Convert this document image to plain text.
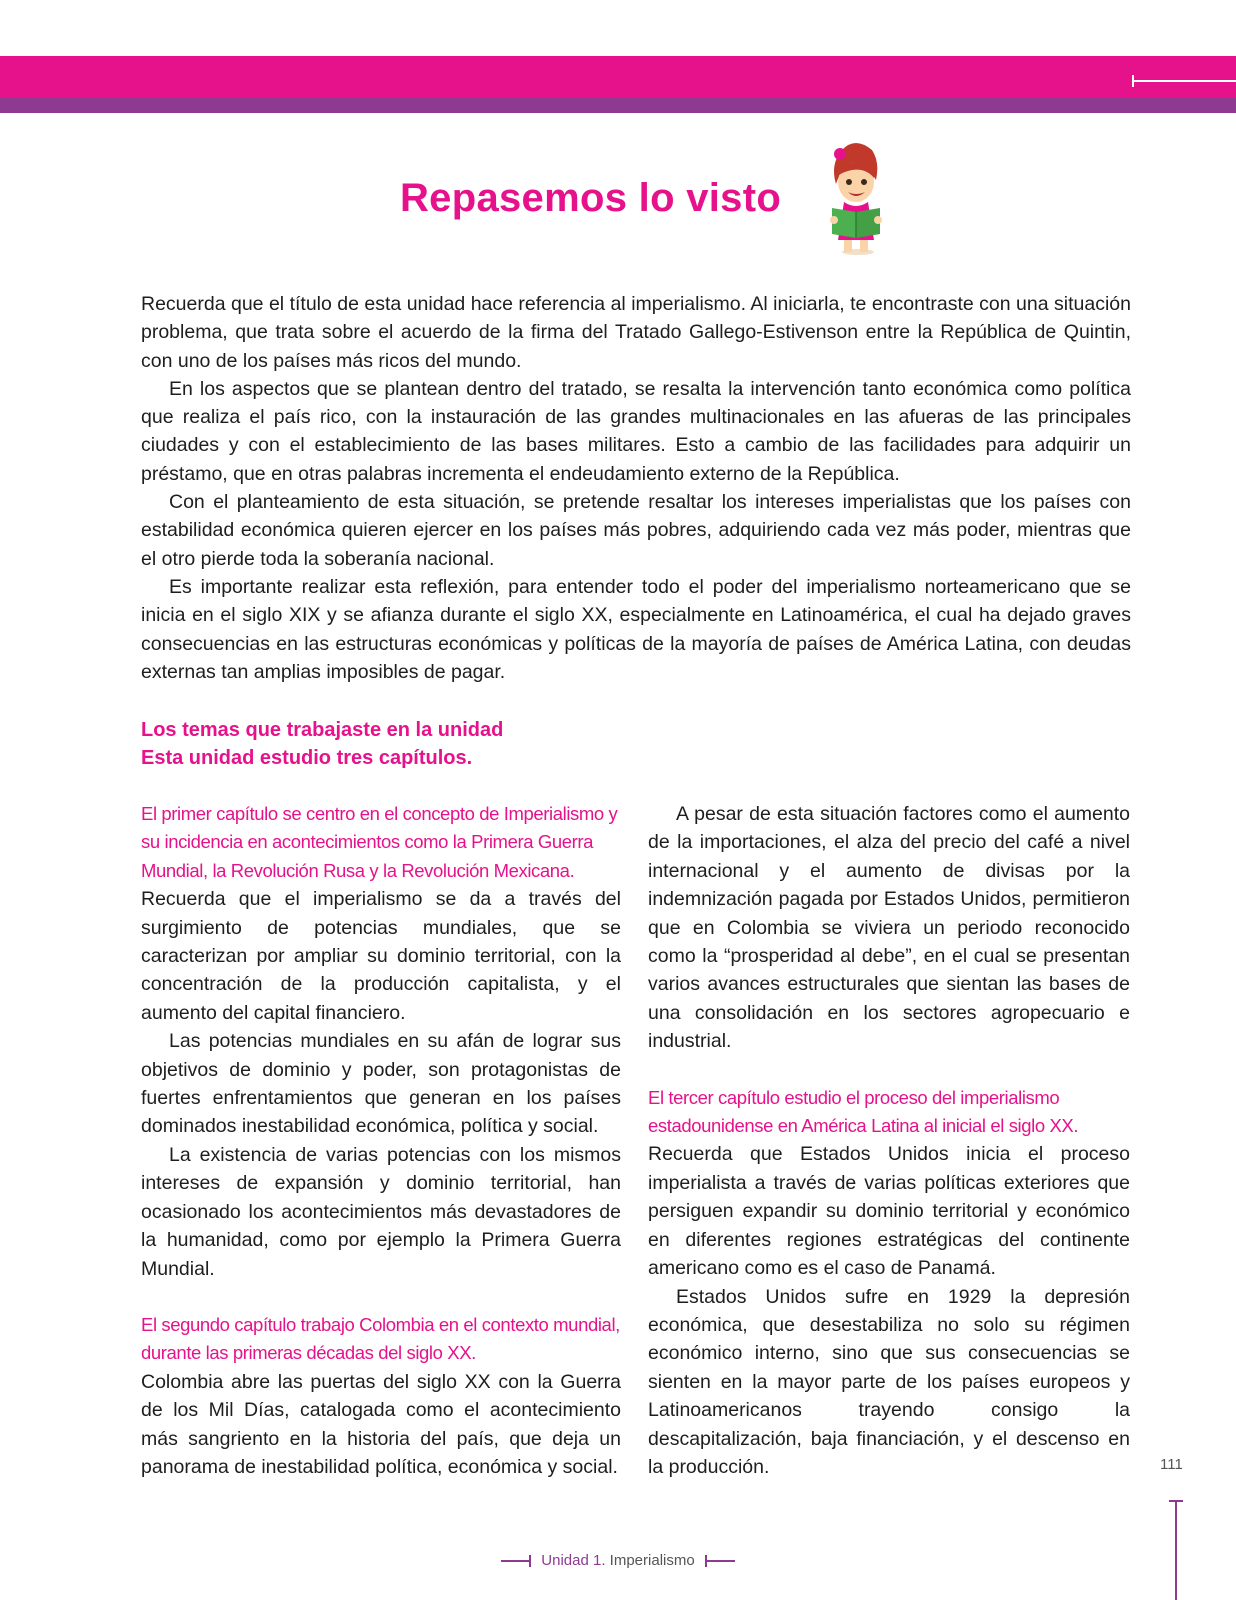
Repasemos lo visto

Recuerda que el título de esta unidad hace referencia al imperialismo. Al iniciarla, te encontraste con una situación problema, que trata sobre el acuerdo de la firma del Tratado Gallego-Estivenson entre la República de Quintin, con uno de los países más ricos del mundo.

En los aspectos que se plantean dentro del tratado, se resalta la intervención tanto económica como política que realiza el país rico, con la instauración de las grandes multinacionales en las afueras de las principales ciudades y con el establecimiento de las bases militares. Esto a cambio de las facilidades para adquirir un préstamo, que en otras palabras incrementa el endeudamiento externo de la República.

Con el planteamiento de esta situación, se pretende resaltar los intereses imperialistas que los países con estabilidad económica quieren ejercer en los países más pobres, adquiriendo cada vez más poder, mientras que el otro pierde toda la soberanía nacional.

Es importante realizar esta reflexión, para entender todo el poder del imperialismo norteamericano que se inicia en el siglo XIX y se afianza durante el siglo XX, especialmente en Latinoamérica, el cual ha dejado graves consecuencias en las estructuras económicas y políticas de la mayoría de países de América Latina, con deudas externas tan amplias imposibles de pagar.

Los temas que trabajaste en la unidad
Esta unidad estudio tres capítulos.
El primer capítulo se centro en el concepto de Imperialismo y su incidencia en acontecimientos como la Primera Guerra Mundial, la Revolución Rusa y la Revolución Mexicana.

Recuerda que el imperialismo se da a través del surgimiento de potencias mundiales, que se caracterizan por ampliar su dominio territorial, con la concentración de la producción capitalista, y el aumento del capital financiero.

Las potencias mundiales en su afán de lograr sus objetivos de dominio y poder, son protagonistas de fuertes enfrentamientos que generan en los países dominados inestabilidad económica, política y social.

La existencia de varias potencias con los mismos intereses de expansión y dominio territorial, han ocasionado los acontecimientos más devastadores de la humanidad, como por ejemplo la Primera Guerra Mundial.

El segundo capítulo trabajo Colombia en el contexto mundial, durante las primeras décadas del siglo XX.

Colombia abre las puertas del siglo XX con la Guerra de los Mil Días, catalogada como el acontecimiento más sangriento en la historia del país, que deja un panorama de inestabilidad política, económica y social.

A pesar de esta situación factores como el aumento de la importaciones, el alza del precio del café a nivel internacional y el aumento de divisas por la indemnización pagada por Estados Unidos, permitieron que en Colombia se viviera un periodo reconocido como la “prosperidad al debe”, en el cual se presentan varios avances estructurales que sientan las bases de una consolidación en los sectores agropecuario e industrial.

El tercer capítulo estudio el proceso del imperialismo estadounidense en América Latina al inicial el siglo XX.

Recuerda que Estados Unidos inicia el proceso imperialista a través de varias políticas exteriores que persiguen expandir su dominio territorial y económico en diferentes regiones estratégicas del continente americano como es el caso de Panamá.

Estados Unidos sufre en 1929 la depresión económica, que desestabiliza no solo su régimen económico interno, sino que sus consecuencias se sienten en la mayor parte de los países europeos y Latinoamericanos trayendo consigo la descapitalización, baja financiación, y el descenso en la producción.	111
Unidad 1. Imperialismo
